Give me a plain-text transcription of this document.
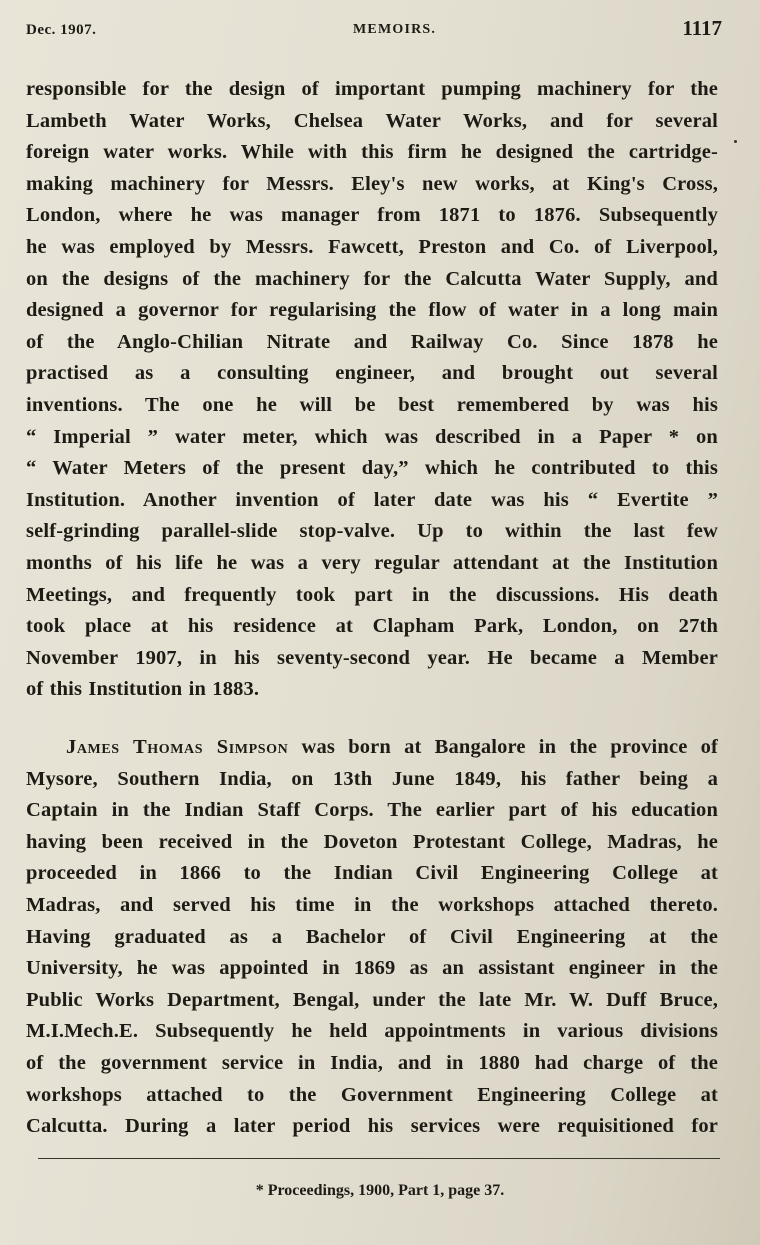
Dec. 1907.	MEMOIRS.	1117
responsible for the design of important pumping machinery for the
Lambeth Water Works, Chelsea Water Works, and for several
foreign water works. While with this firm he designed the cartridge-
making machinery for Messrs. Eley's new works, at King's Cross,
London, where he was manager from 1871 to 1876. Subsequently
he was employed by Messrs. Fawcett, Preston and Co. of Liverpool,
on the designs of the machinery for the Calcutta Water Supply, and
designed a governor for regularising the flow of water in a long main
of the Anglo-Chilian Nitrate and Railway Co. Since 1878 he
practised as a consulting engineer, and brought out several
inventions. The one he will be best remembered by was his
“ Imperial ” water meter, which was described in a Paper * on
“ Water Meters of the present day,” which he contributed to this
Institution. Another invention of later date was his “ Evertite ”
self-grinding parallel-slide stop-valve. Up to within the last few
months of his life he was a very regular attendant at the Institution
Meetings, and frequently took part in the discussions. His death
took place at his residence at Clapham Park, London, on 27th
November 1907, in his seventy-second year. He became a Member
of this Institution in 1883.
James Thomas Simpson was born at Bangalore in the province of
Mysore, Southern India, on 13th June 1849, his father being a
Captain in the Indian Staff Corps. The earlier part of his education
having been received in the Doveton Protestant College, Madras, he
proceeded in 1866 to the Indian Civil Engineering College at
Madras, and served his time in the workshops attached thereto.
Having graduated as a Bachelor of Civil Engineering at the
University, he was appointed in 1869 as an assistant engineer in the
Public Works Department, Bengal, under the late Mr. W. Duff Bruce,
M.I.Mech.E. Subsequently he held appointments in various divisions
of the government service in India, and in 1880 had charge of the
workshops attached to the Government Engineering College at
Calcutta. During a later period his services were requisitioned for
* Proceedings, 1900, Part 1, page 37.
